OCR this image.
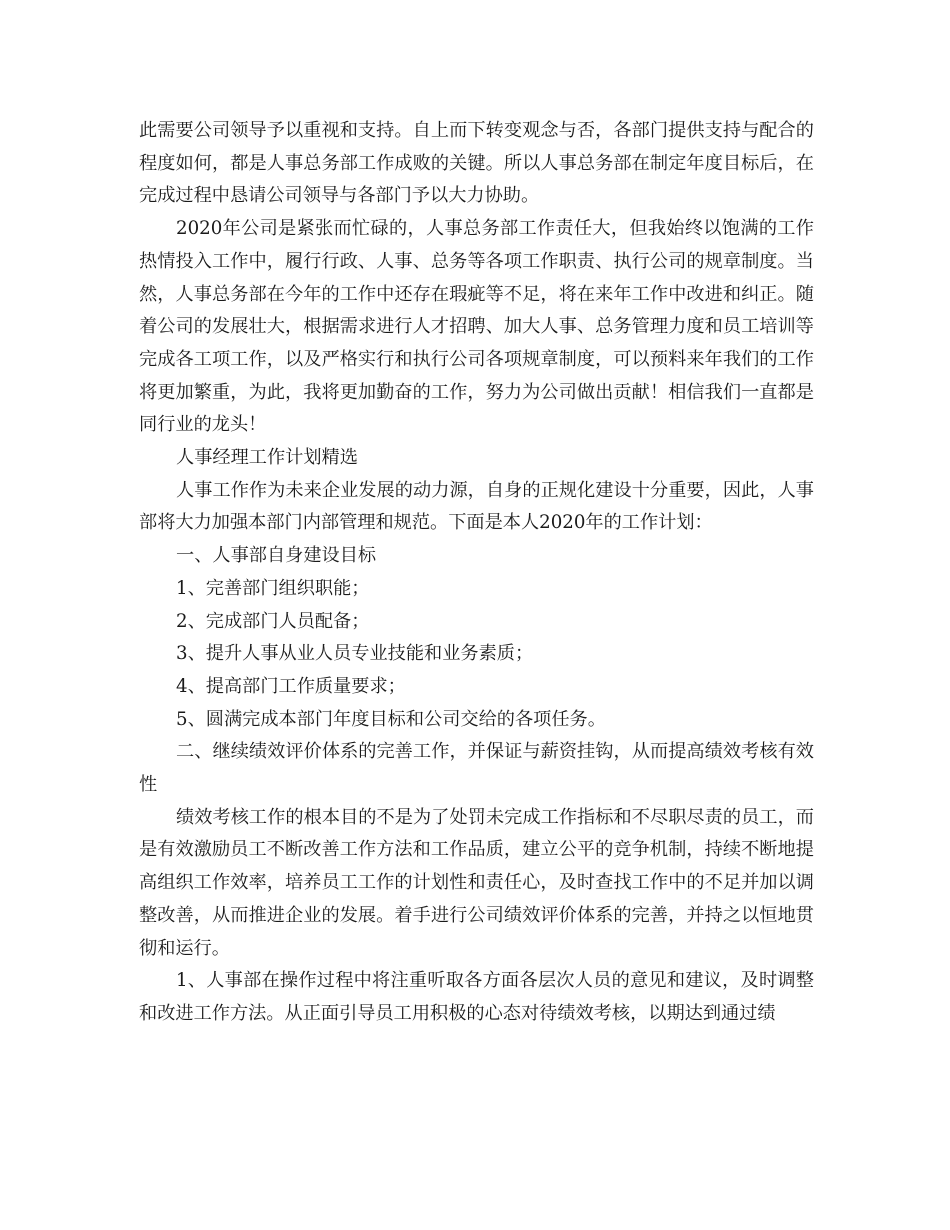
此需要公司领导予以重视和支持。自上而下转变观念与否，各部门提供支持与配合的程度如何，都是人事总务部工作成败的关键。所以人事总务部在制定年度目标后，在完成过程中恳请公司领导与各部门予以大力协助。

2020年公司是紧张而忙碌的，人事总务部工作责任大，但我始终以饱满的工作热情投入工作中，履行行政、人事、总务等各项工作职责、执行公司的规章制度。当然，人事总务部在今年的工作中还存在瑕疵等不足，将在来年工作中改进和纠正。随着公司的发展壮大，根据需求进行人才招聘、加大人事、总务管理力度和员工培训等完成各工项工作，以及严格实行和执行公司各项规章制度，可以预料来年我们的工作将更加繁重，为此，我将更加勤奋的工作，努力为公司做出贡献！相信我们一直都是同行业的龙头！

人事经理工作计划精选

人事工作作为未来企业发展的动力源，自身的正规化建设十分重要，因此，人事部将大力加强本部门内部管理和规范。下面是本人2020年的工作计划：

一、人事部自身建设目标

1、完善部门组织职能；

2、完成部门人员配备；

3、提升人事从业人员专业技能和业务素质；

4、提高部门工作质量要求；

5、圆满完成本部门年度目标和公司交给的各项任务。

二、继续绩效评价体系的完善工作，并保证与薪资挂钩，从而提高绩效考核有效性

绩效考核工作的根本目的不是为了处罚未完成工作指标和不尽职尽责的员工，而是有效激励员工不断改善工作方法和工作品质，建立公平的竞争机制，持续不断地提高组织工作效率，培养员工工作的计划性和责任心，及时查找工作中的不足并加以调整改善，从而推进企业的发展。着手进行公司绩效评价体系的完善，并持之以恒地贯彻和运行。

1、人事部在操作过程中将注重听取各方面各层次人员的意见和建议，及时调整和改进工作方法。从正面引导员工用积极的心态对待绩效考核，以期达到通过绩
